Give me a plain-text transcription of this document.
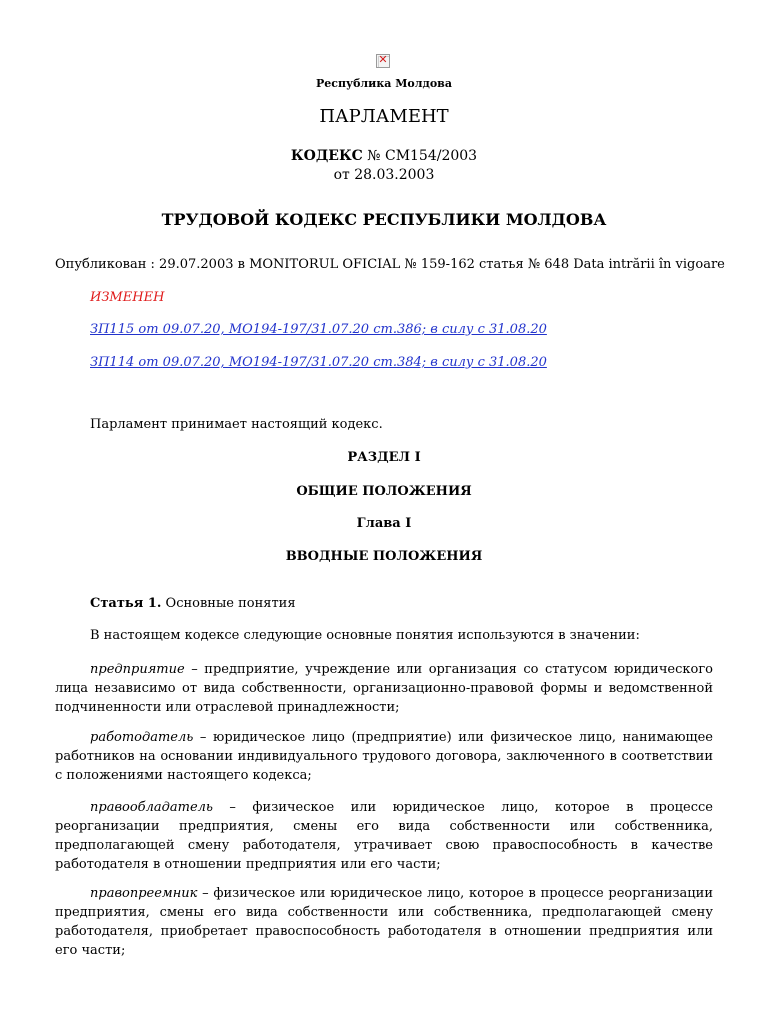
✕
Республика Молдова
ПАРЛАМЕНТ
КОДЕКС № CM154/2003
от 28.03.2003
ТРУДОВОЙ КОДЕКС РЕСПУБЛИКИ МОЛДОВА
Опубликован : 29.07.2003 в MONITORUL OFICIAL № 159-162 статья № 648 Data intrării în vigoare
ИЗМЕНЕН
ЗП115 от 09.07.20, МО194-197/31.07.20 ст.386; в силу с 31.08.20
ЗП114 от 09.07.20, МО194-197/31.07.20 ст.384; в силу с 31.08.20
Парламент принимает настоящий кодекс.
РАЗДЕЛ I
ОБЩИЕ ПОЛОЖЕНИЯ
Глава I
ВВОДНЫЕ ПОЛОЖЕНИЯ
Статья 1. Основные понятия
В настоящем кодексе следующие основные понятия используются в значении:

предприятие – предприятие, учреждение или организация со статусом юридического лица независимо от вида собственности, организационно-правовой формы и ведомственной подчиненности или отраслевой принадлежности;

работодатель – юридическое лицо (предприятие) или физическое лицо, нанимающее работников на основании индивидуального трудового договора, заключенного в соответствии с положениями настоящего кодекса;

правообладатель – физическое или юридическое лицо, которое в процессе реорганизации предприятия, смены его вида собственности или собственника, предполагающей смену работодателя, утрачивает свою правоспособность в качестве работодателя в отношении предприятия или его части;

правопреемник – физическое или юридическое лицо, которое в процессе реорганизации предприятия, смены его вида собственности или собственника, предполагающей смену работодателя, приобретает правоспособность работодателя в отношении предприятия или его части;
